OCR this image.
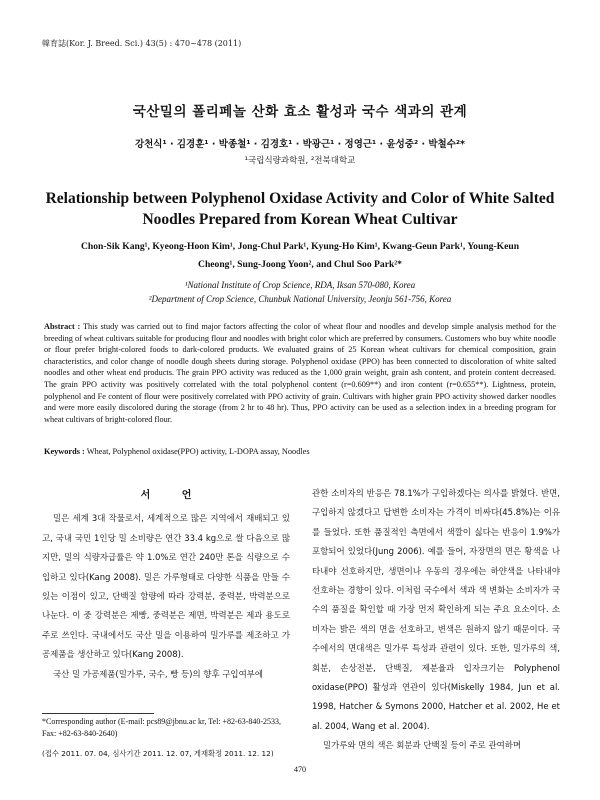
韓育誌(Kor. J. Breed. Sci.) 43(5) : 470~478 (2011)
국산밀의 폴리페놀 산화 효소 활성과 국수 색과의 관계
강천식¹ · 김경훈¹ · 박종철¹ · 김경호¹ · 박광근¹ · 정영근¹ · 윤성중² · 박철수²*
¹국립식량과학원, ²전북대학교
Relationship between Polyphenol Oxidase Activity and Color of White Salted
Noodles Prepared from Korean Wheat Cultivar
Chon-Sik Kang¹, Kyeong-Hoon Kim¹, Jong-Chul Park¹, Kyung-Ho Kim¹, Kwang-Geun Park¹, Young-Keun
Cheong¹, Sung-Joong Yoon², and Chul Soo Park²*
¹National Institute of Crop Science, RDA, Iksan 570-080, Korea
²Department of Crop Science, Chunbuk National University, Jeonju 561-756, Korea
Abstract : This study was carried out to find major factors affecting the color of wheat flour and noodles and develop simple analysis method for the breeding of wheat cultivars suitable for producing flour and noodles with bright color which are preferred by consumers. Customers who buy white noodle or flour prefer bright-colored foods to dark-colored products. We evaluated grains of 25 Korean wheat cultivars for chemical composition, grain characteristics, and color change of noodle dough sheets during storage. Polyphenol oxidase (PPO) has been connected to discoloration of white salted noodles and other wheat end products. The grain PPO activity was reduced as the 1,000 grain weight, grain ash content, and protein content decreased. The grain PPO activity was positively correlated with the total polyphenol content (r=0.609**) and iron content (r=0.655**). Lightness, protein, polyphenol and Fe content of flour were positively correlated with PPO activity of grain. Cultivars with higher grain PPO activity showed darker noodles and were more easily discolored during the storage (from 2 hr to 48 hr). Thus, PPO activity can be used as a selection index in a breeding program for wheat cultivars of bright-colored flour.
Keywords : Wheat, Polyphenol oxidase(PPO) activity, L-DOPA assay, Noodles
서 언
밀은 세계 3대 작물로서, 세계적으로 많은 지역에서 재배되고 있고, 국내 국민 1인당 밀 소비량은 연간 33.4 kg으로 쌀 다음으로 많지만, 밀의 식량자급률은 약 1.0%로 연간 240만 톤을 식량으로 수입하고 있다(Kang 2008). 밀은 가루형태로 다양한 식품을 만들 수 있는 이점이 있고, 단백질 함량에 따라 강력분, 중력분, 박력분으로 나눈다. 이 중 강력분은 제빵, 중력분은 제면, 박력분은 제과 용도로 주로 쓰인다. 국내에서도 국산 밀을 이용하여 밀가루를 제조하고 가공제품을 생산하고 있다(Kang 2008).
국산 밀 가공제품(밀가루, 국수, 빵 등)의 향후 구입여부에
관한 소비자의 반응은 78.1%가 구입하겠다는 의사를 밝혔다. 반면, 구입하지 않겠다고 답변한 소비자는 가격이 비싸다(45.8%)는 이유를 들었다. 또한 품질적인 측면에서 색깔이 싫다는 반응이 1.9%가 포함되어 있었다(Jung 2006). 예를 들어, 자장면의 면은 황색을 나타내야 선호하지만, 생면이나 우동의 경우에는 하얀색을 나타내야 선호하는 경향이 있다. 이처럼 국수에서 색과 색 변화는 소비자가 국수의 품질을 확인할 때 가장 먼저 확인하게 되는 주요 요소이다. 소비자는 밝은 색의 면을 선호하고, 변색은 원하지 않기 때문이다. 국수에서의 면대색은 밀가루 특성과 관련이 있다. 또한, 밀가루의 색, 회분, 손상전분, 단백질, 제분율과 입자크기는 Polyphenol oxidase(PPO) 활성과 연관이 있다(Miskelly 1984, Jun et al. 1998, Hatcher & Symons 2000, Hatcher et al. 2002, He et al. 2004, Wang et al. 2004).
밀가루와 면의 색은 회분과 단백질 등이 주로 관여하며
*Corresponding author (E-mail: pcs89@jbnu.ac kr, Tel: +82-63-840-2533, Fax: +82-63-840-2640)
(접수 2011. 07. 04, 심사기간 2011. 12. 07, 게재확정 2011. 12. 12)
470
